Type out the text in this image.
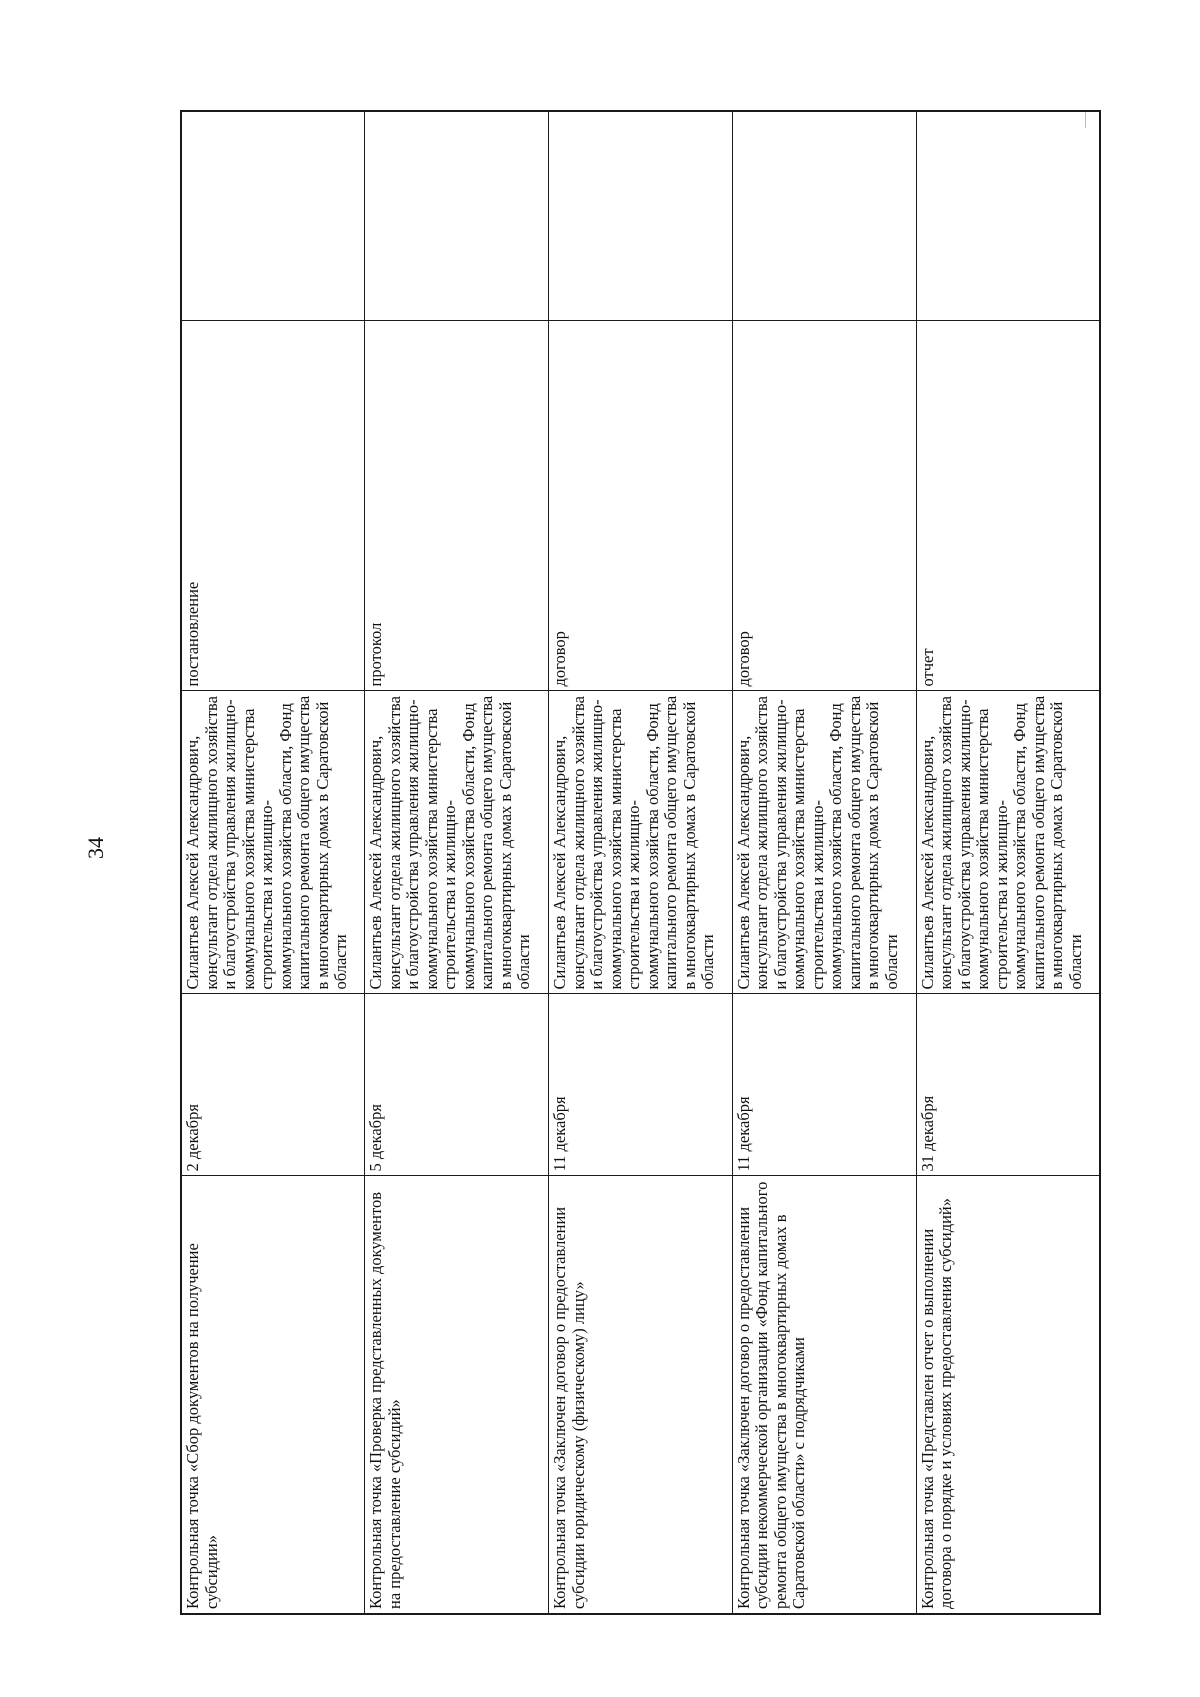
34
Контрольная точка «Сбор документов на получение субсидии»	2 декабря	Силантьев Алексей Александрович, консультант отдела жилищного хозяйства и благоустройства управления жилищно-коммунального хозяйства министерства строительства и жилищно-коммунального хозяйства области, Фонд капитального ремонта общего имущества в многоквартирных домах в Саратовской области	постановление	
Контрольная точка «Проверка представленных документов на предоставление субсидий»	5 декабря	Силантьев Алексей Александрович, консультант отдела жилищного хозяйства и благоустройства управления жилищно-коммунального хозяйства министерства строительства и жилищно-коммунального хозяйства области, Фонд капитального ремонта общего имущества в многоквартирных домах в Саратовской области	протокол	
Контрольная точка «Заключен договор о предоставлении субсидии юридическому (физическому) лицу»	11 декабря	Силантьев Алексей Александрович, консультант отдела жилищного хозяйства и благоустройства управления жилищно-коммунального хозяйства министерства строительства и жилищно-коммунального хозяйства области, Фонд капитального ремонта общего имущества в многоквартирных домах в Саратовской области	договор	
Контрольная точка «Заключен договор о предоставлении субсидии некоммерческой организации «Фонд капитального ремонта общего имущества в многоквартирных домах в Саратовской области» с подрядчиками	11 декабря	Силантьев Алексей Александрович, консультант отдела жилищного хозяйства и благоустройства управления жилищно-коммунального хозяйства министерства строительства и жилищно-коммунального хозяйства области, Фонд капитального ремонта общего имущества в многоквартирных домах в Саратовской области	договор	
Контрольная точка «Представлен отчет о выполнении договора о порядке и условиях предоставления субсидий»	31 декабря	Силантьев Алексей Александрович, консультант отдела жилищного хозяйства и благоустройства управления жилищно-коммунального хозяйства министерства строительства и жилищно-коммунального хозяйства области, Фонд капитального ремонта общего имущества в многоквартирных домах в Саратовской области	отчет	
